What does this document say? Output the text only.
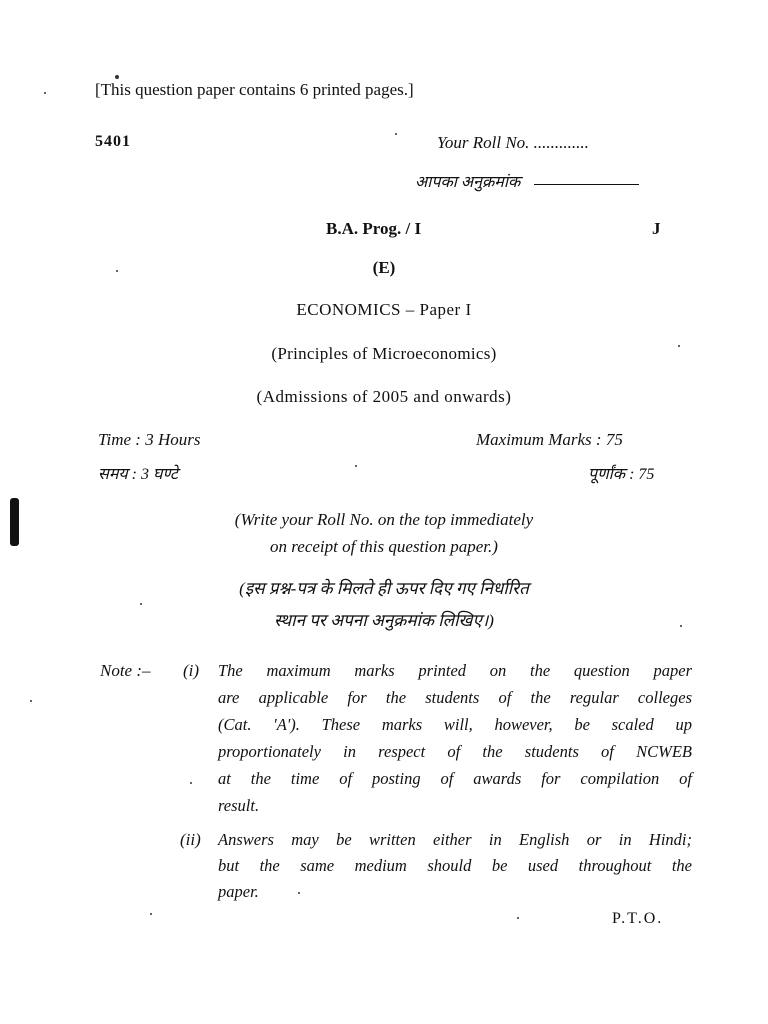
[This question paper contains 6 printed pages.]
5401	Your Roll No. .............
आपका अनुक्रमांक
B.A. Prog. / I	J
(E)
ECONOMICS – Paper I
(Principles of Microeconomics)
(Admissions of 2005 and onwards)
Time : 3 Hours	Maximum Marks : 75
समय : 3 घण्टे	पूर्णांक : 75
(Write your Roll No. on the top immediately
on receipt of this question paper.)
(इस प्रश्न-पत्र के मिलते ही ऊपर दिए गए निर्धारित
स्थान पर अपना अनुक्रमांक लिखिए।)
Note :– (i) The maximum marks printed on the question paper
are applicable for the students of the regular colleges
(Cat. 'A'). These marks will, however, be scaled up
proportionately in respect of the students of NCWEB
at the time of posting of awards for compilation of
result.
(ii) Answers may be written either in English or in Hindi;
but the same medium should be used throughout the
paper.
P.T.O.
